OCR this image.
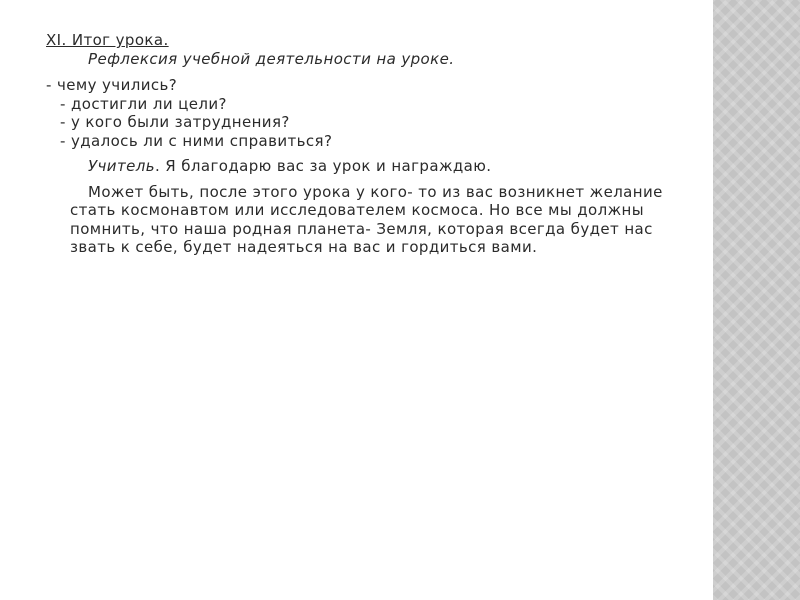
XI. Итог урока.

Рефлексия учебной деятельности на уроке.

- чему учились?

- достигли ли цели?

- у кого были затруднения?

- удалось ли с ними справиться?

Учитель. Я благодарю вас за урок и награждаю.

Может быть, после этого урока у кого- то из вас возникнет желание

стать космонавтом или исследователем космоса. Но все мы должны

помнить, что наша родная планета- Земля, которая всегда будет нас

звать к себе, будет надеяться на вас и гордиться вами.
